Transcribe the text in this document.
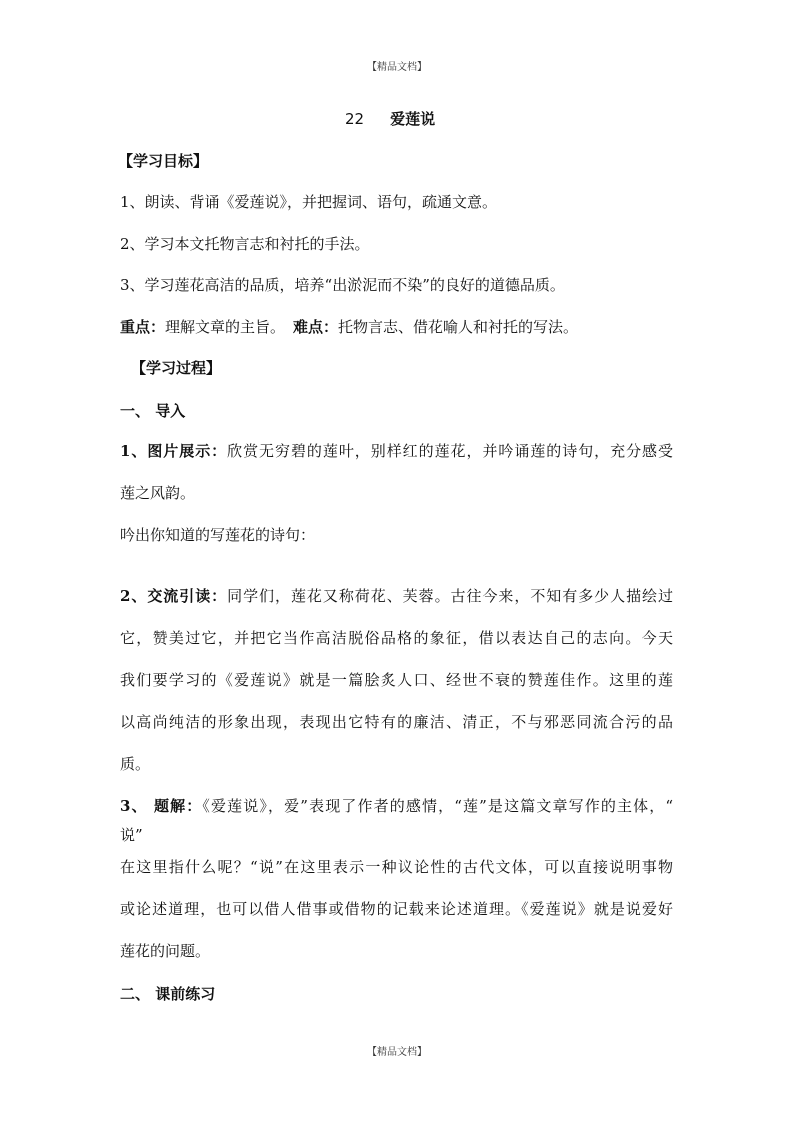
【精品文档】
22 爱莲说
【学习目标】
1、朗读、背诵《爱莲说》，并把握词、语句，疏通文意。
2、学习本文托物言志和衬托的手法。
3、学习莲花高洁的品质，培养“出淤泥而不染”的良好的道德品质。
重点：理解文章的主旨。 难点：托物言志、借花喻人和衬托的写法。
【学习过程】
一、 导入
1、图片展示：欣赏无穷碧的莲叶，别样红的莲花，并吟诵莲的诗句，充分感受
莲之风韵。
吟出你知道的写莲花的诗句：
2、交流引读：同学们，莲花又称荷花、芙蓉。古往今来，不知有多少人描绘过
它，赞美过它，并把它当作高洁脱俗品格的象征，借以表达自己的志向。今天
我们要学习的《爱莲说》就是一篇脍炙人口、经世不衰的赞莲佳作。这里的莲
以高尚纯洁的形象出现，表现出它特有的廉洁、清正，不与邪恶同流合污的品
质。
3、 题解：《爱莲说》，爱”表现了作者的感情，“莲”是这篇文章写作的主体，“
说”
在这里指什么呢？“说”在这里表示一种议论性的古代文体，可以直接说明事物
或论述道理，也可以借人借事或借物的记载来论述道理。《爱莲说》就是说爱好
莲花的问题。
二、 课前练习
【精品文档】
